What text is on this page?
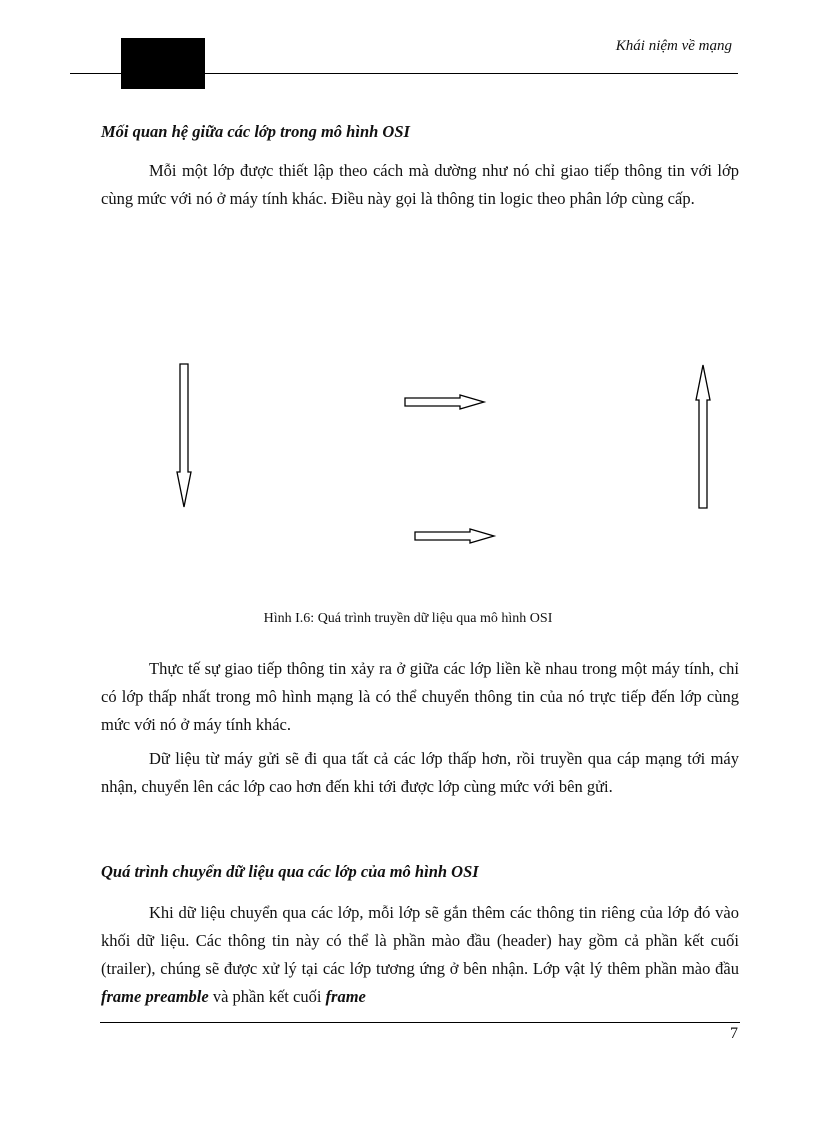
Khái niệm về mạng
Mối quan hệ giữa các lớp trong mô hình OSI

Mỗi một lớp được thiết lập theo cách mà dường như nó chỉ giao tiếp thông tin với lớp cùng mức với nó ở máy tính khác. Điều này gọi là thông tin logic theo phân lớp cùng cấp.

Hình I.6: Quá trình truyền dữ liệu qua mô hình OSI

Thực tế sự giao tiếp thông tin xảy ra ở giữa các lớp liền kề nhau trong một máy tính, chỉ có lớp thấp nhất trong mô hình mạng là có thể chuyển thông tin của nó trực tiếp đến lớp cùng mức với nó ở máy tính khác.

Dữ liệu từ máy gửi sẽ đi qua tất cả các lớp thấp hơn, rồi truyền qua cáp mạng tới máy nhận, chuyển lên các lớp cao hơn đến khi tới được lớp cùng mức với bên gửi.

Quá trình chuyển dữ liệu qua các lớp của mô hình OSI

Khi dữ liệu chuyển qua các lớp, mỗi lớp sẽ gắn thêm các thông tin riêng của lớp đó vào khối dữ liệu. Các thông tin này có thể là phần mào đầu (header) hay gồm cả phần kết cuối (trailer), chúng sẽ được xử lý tại các lớp tương ứng ở bên nhận. Lớp vật lý thêm phần mào đầu frame preamble và phần kết cuối frame

7
